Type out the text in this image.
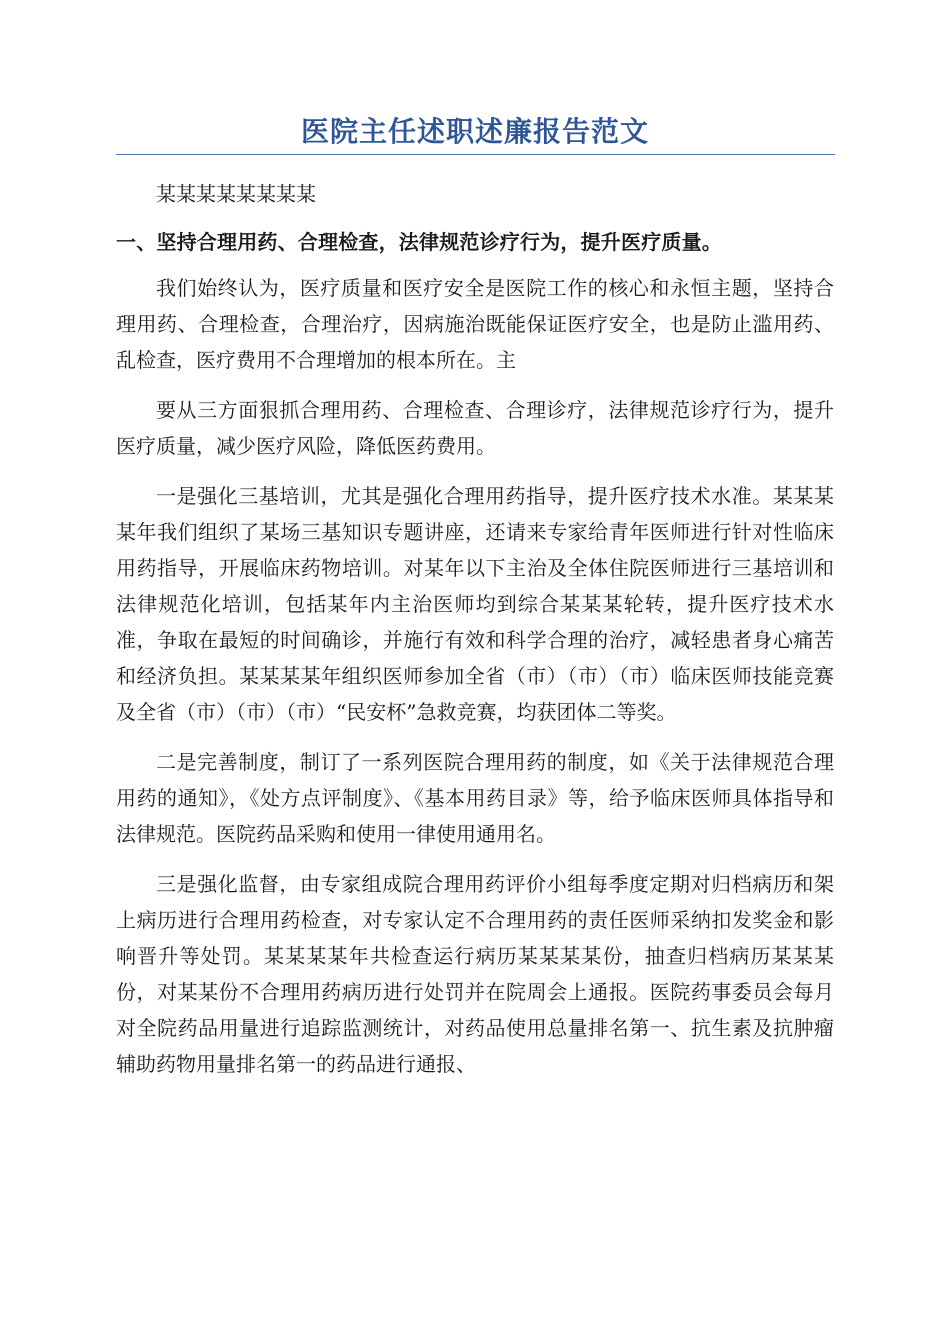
医院主任述职述廉报告范文

某某某某某某某某

一、坚持合理用药、合理检查，法律规范诊疗行为，提升医疗质量。

我们始终认为，医疗质量和医疗安全是医院工作的核心和永恒主题，坚持合理用药、合理检查，合理治疗，因病施治既能保证医疗安全，也是防止滥用药、乱检查，医疗费用不合理增加的根本所在。主

要从三方面狠抓合理用药、合理检查、合理诊疗，法律规范诊疗行为，提升医疗质量，减少医疗风险，降低医药费用。

一是强化三基培训，尤其是强化合理用药指导，提升医疗技术水准。某某某某年我们组织了某场三基知识专题讲座，还请来专家给青年医师进行针对性临床用药指导，开展临床药物培训。对某年以下主治及全体住院医师进行三基培训和法律规范化培训，包括某年内主治医师均到综合某某某轮转，提升医疗技术水准，争取在最短的时间确诊，并施行有效和科学合理的治疗，减轻患者身心痛苦和经济负担。某某某某年组织医师参加全省（市）（市）（市）临床医师技能竞赛及全省（市）（市）（市）“民安杯”急救竞赛，均获团体二等奖。

二是完善制度，制订了一系列医院合理用药的制度，如《关于法律规范合理用药的通知》，《处方点评制度》、《基本用药目录》等，给予临床医师具体指导和法律规范。医院药品采购和使用一律使用通用名。

三是强化监督，由专家组成院合理用药评价小组每季度定期对归档病历和架上病历进行合理用药检查，对专家认定不合理用药的责任医师采纳扣发奖金和影响晋升等处罚。某某某某年共检查运行病历某某某某份，抽查归档病历某某某份，对某某份不合理用药病历进行处罚并在院周会上通报。医院药事委员会每月对全院药品用量进行追踪监测统计，对药品使用总量排名第一、抗生素及抗肿瘤辅助药物用量排名第一的药品进行通报、
